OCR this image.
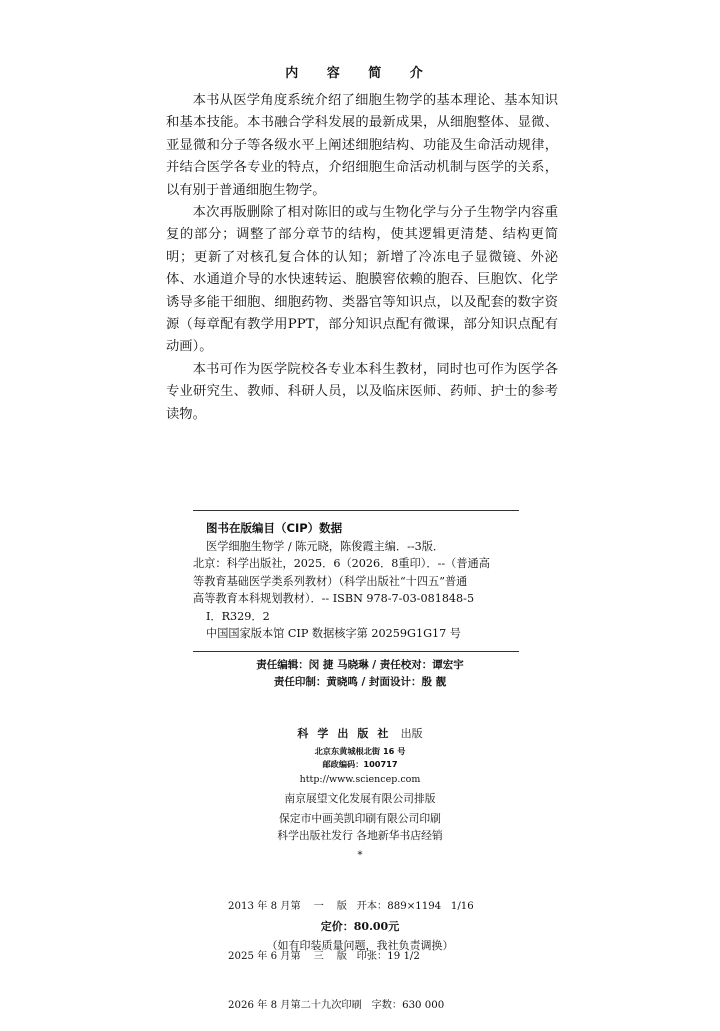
内 容 简 介

本书从医学角度系统介绍了细胞生物学的基本理论、基本知识和基本技能。本书融合学科发展的最新成果，从细胞整体、显微、亚显微和分子等各级水平上阐述细胞结构、功能及生命活动规律，并结合医学各专业的特点，介绍细胞生命活动机制与医学的关系，以有别于普通细胞生物学。

本次再版删除了相对陈旧的或与生物化学与分子生物学内容重复的部分；调整了部分章节的结构，使其逻辑更清楚、结构更简明；更新了对核孔复合体的认知；新增了冷冻电子显微镜、外泌体、水通道介导的水快速转运、胞膜窖依赖的胞吞、巨胞饮、化学诱导多能干细胞、细胞药物、类器官等知识点，以及配套的数字资源（每章配有教学用PPT，部分知识点配有微课，部分知识点配有动画）。

本书可作为医学院校各专业本科生教材，同时也可作为医学各专业研究生、教师、科研人员，以及临床医师、药师、护士的参考读物。

图书在版编目（CIP）数据
医学细胞生物学 / 陈元晓，陈俊霞主编．--3版．
北京：科学出版社，2025．6（2026．8重印）．--（普通高
等教育基础医学类系列教材）（科学出版社“十四五”普通
高等教育本科规划教材）．-- ISBN 978-7-03-081848-5
Ⅰ．R329．2
中国国家版本馆 CIP 数据核字第 20259G1G17 号
责任编辑：闵 捷 马晓琳 / 责任校对：谭宏宇
责任印制：黄晓鸣 / 封面设计：殷 靓
科学出版社 出版
北京东黄城根北街 16 号
邮政编码：100717
http://www.sciencep.com
南京展望文化发展有限公司排版
保定市中画美凯印刷有限公司印刷
科学出版社发行 各地新华书店经销
*

2013 年 8 月第    一    版   开本：889×1194   1/16

2025 年 6 月第    三    版   印张：19 1/2

2026 年 8 月第二十九次印刷   字数：630 000

定价：80.00元
（如有印装质量问题，我社负责调换）
